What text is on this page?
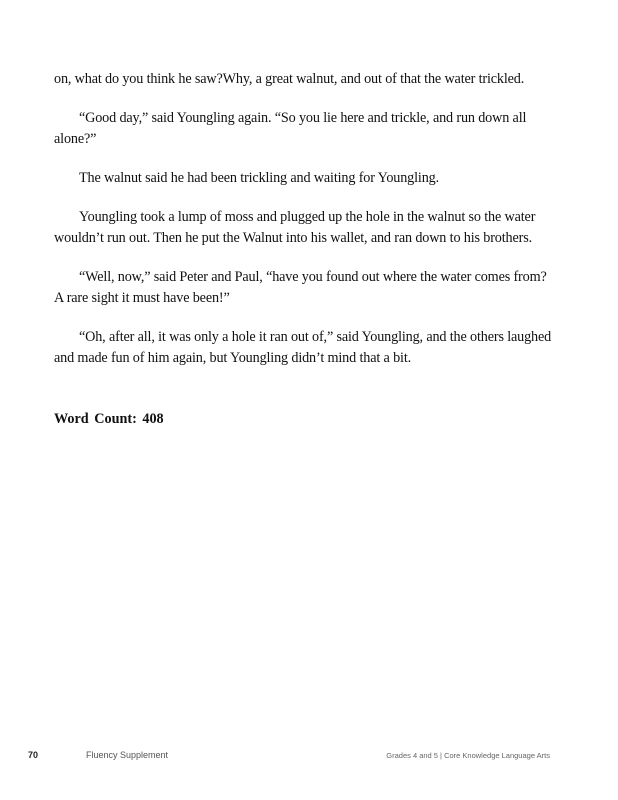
on, what do you think he saw?Why, a great walnut, and out of that the water trickled.

“Good day,” said Youngling again. “So you lie here and trickle, and run down all alone?”

The walnut said he had been trickling and waiting for Youngling.

Youngling took a lump of moss and plugged up the hole in the walnut so the water wouldn’t run out. Then he put the Walnut into his wallet, and ran down to his brothers.

“Well, now,” said Peter and Paul, “have you found out where the water comes from? A rare sight it must have been!”

“Oh, after all, it was only a hole it ran out of,” said Youngling, and the others laughed and made fun of him again, but Youngling didn’t mind that a bit.

Word Count: 408
70	Fluency Supplement	Grades 4 and 5 | Core Knowledge Language Arts
